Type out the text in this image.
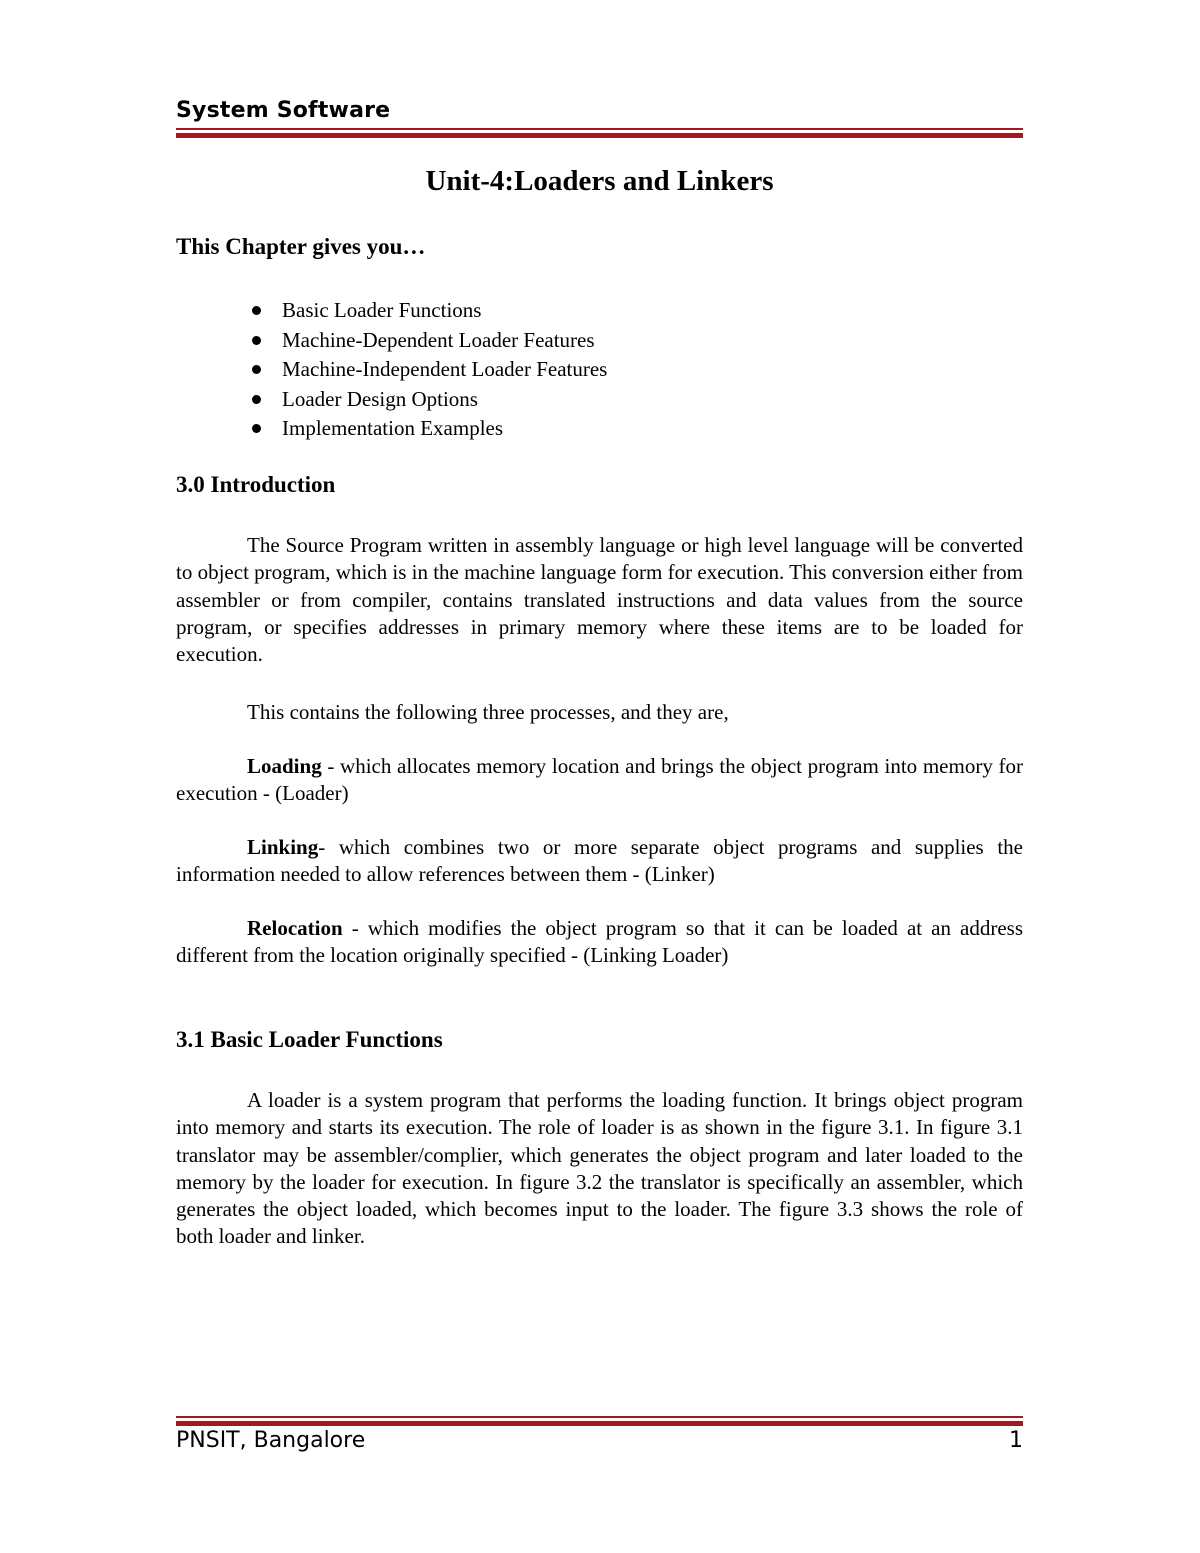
System Software
Unit-4:Loaders and Linkers
This Chapter gives you…
Basic Loader Functions
Machine-Dependent Loader Features
Machine-Independent Loader Features
Loader Design Options
Implementation Examples
3.0 Introduction

The Source Program written in assembly language or high level language will be converted to object program, which is in the machine language form for execution. This conversion either from assembler or from compiler, contains translated instructions and data values from the source program, or specifies addresses in primary memory where these items are to be loaded for execution.

This contains the following three processes, and they are,

Loading - which allocates memory location and brings the object program into memory for execution - (Loader)

Linking- which combines two or more separate object programs and supplies the information needed to allow references between them - (Linker)

Relocation - which modifies the object program so that it can be loaded at an address different from the location originally specified - (Linking Loader)

3.1 Basic Loader Functions

A loader is a system program that performs the loading function. It brings object program into memory and starts its execution. The role of loader is as shown in the figure 3.1. In figure 3.1 translator may be assembler/complier, which generates the object program and later loaded to the memory by the loader for execution. In figure 3.2 the translator is specifically an assembler, which generates the object loaded, which becomes input to the loader. The figure 3.3 shows the role of both loader and linker.

PNSIT, Bangalore	1
